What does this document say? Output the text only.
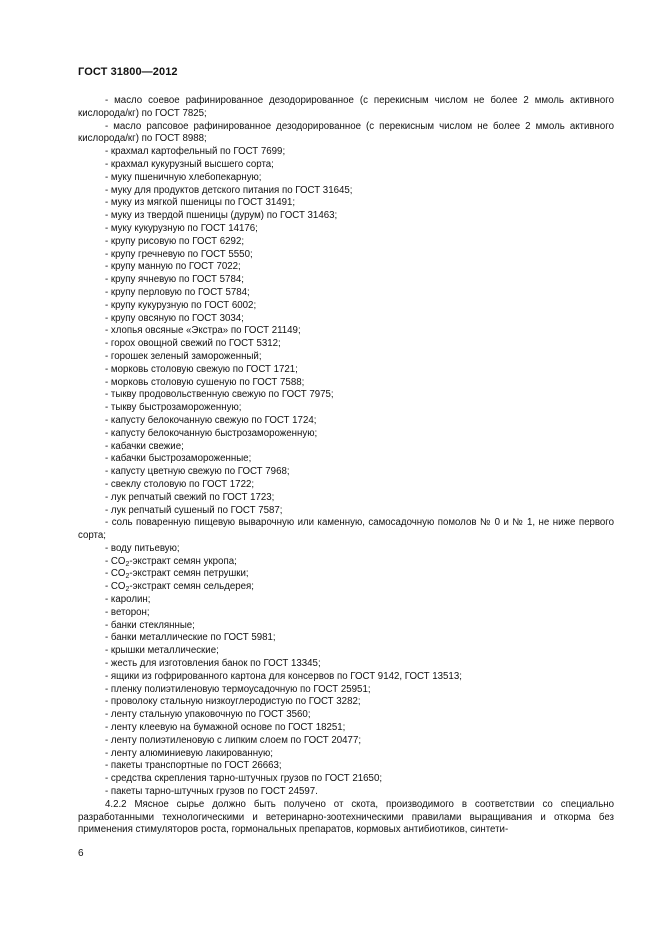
ГОСТ 31800—2012

- масло соевое рафинированное дезодорированное (с перекисным числом не более 2 ммоль активного кислорода/кг) по ГОСТ 7825;

- масло рапсовое рафинированное дезодорированное (с перекисным числом не более 2 ммоль активного кислорода/кг) по ГОСТ 8988;

- крахмал картофельный по ГОСТ 7699;

- крахмал кукурузный высшего сорта;

- муку пшеничную хлебопекарную;

- муку для продуктов детского питания по ГОСТ 31645;

- муку из мягкой пшеницы по ГОСТ 31491;

- муку из твердой пшеницы (дурум) по ГОСТ 31463;

- муку кукурузную по ГОСТ 14176;

- крупу рисовую по ГОСТ 6292;

- крупу гречневую по ГОСТ 5550;

- крупу манную по ГОСТ 7022;

- крупу ячневую по ГОСТ 5784;

- крупу перловую по ГОСТ 5784;

- крупу кукурузную по ГОСТ 6002;

- крупу овсяную по ГОСТ 3034;

- хлопья овсяные «Экстра» по ГОСТ 21149;

- горох овощной свежий по ГОСТ 5312;

- горошек зеленый замороженный;

- морковь столовую свежую по ГОСТ 1721;

- морковь столовую сушеную по ГОСТ 7588;

- тыкву продовольственную свежую по ГОСТ 7975;

- тыкву быстрозамороженную;

- капусту белокочанную свежую по ГОСТ 1724;

- капусту белокочанную быстрозамороженную;

- кабачки свежие;

- кабачки быстрозамороженные;

- капусту цветную свежую по ГОСТ 7968;

- свеклу столовую по ГОСТ 1722;

- лук репчатый свежий по ГОСТ 1723;

- лук репчатый сушеный по ГОСТ 7587;

- соль поваренную пищевую выварочную или каменную, самосадочную помолов № 0 и № 1, не ниже первого сорта;

- воду питьевую;

- $CO_2$-экстракт семян укропа;

- $CO_2$-экстракт семян петрушки;

- $CO_2$-экстракт семян сельдерея;

- каролин;

- веторон;

- банки стеклянные;

- банки металлические по ГОСТ 5981;

- крышки металлические;

- жесть для изготовления банок по ГОСТ 13345;

- ящики из гофрированного картона для консервов по ГОСТ 9142, ГОСТ 13513;

- пленку полиэтиленовую термоусадочную по ГОСТ 25951;

- проволоку стальную низкоуглеродистую по ГОСТ 3282;

- ленту стальную упаковочную по ГОСТ 3560;

- ленту клеевую на бумажной основе по ГОСТ 18251;

- ленту полиэтиленовую с липким слоем по ГОСТ 20477;

- ленту алюминиевую лакированную;

- пакеты транспортные по ГОСТ 26663;

- средства скрепления тарно-штучных грузов по ГОСТ 21650;

- пакеты тарно-штучных грузов по ГОСТ 24597.

4.2.2 Мясное сырье должно быть получено от скота, производимого в соответствии со специально разработанными технологическими и ветеринарно-зоотехническими правилами выращивания и откорма без применения стимуляторов роста, гормональных препаратов, кормовых антибиотиков, синтети-

6
